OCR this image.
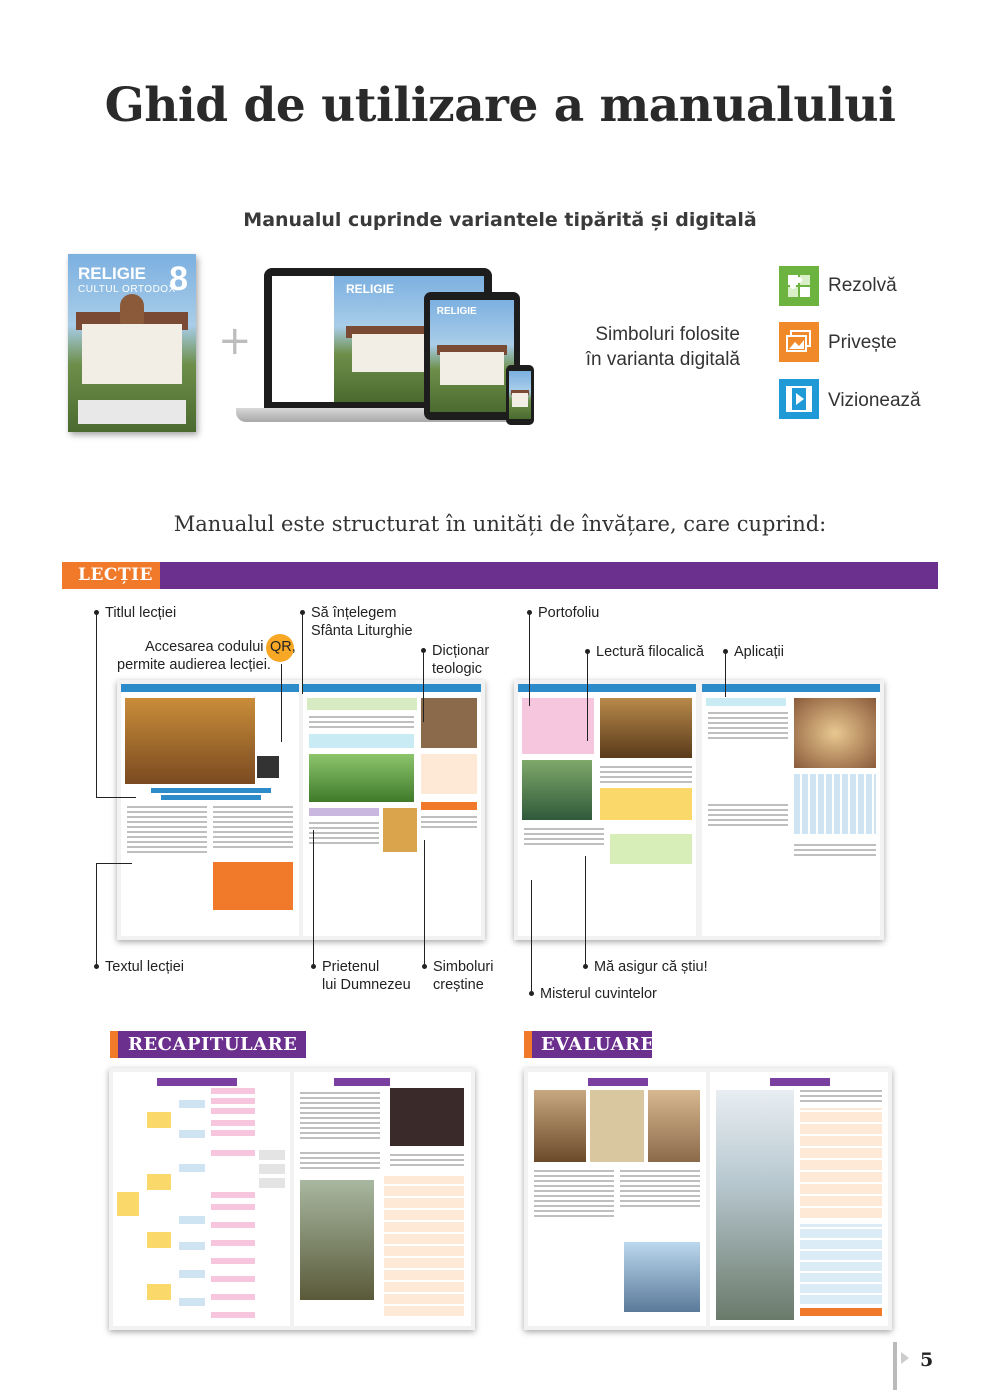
Ghid de utilizare a manualului
Manualul cuprinde variantele tipărită și digitală
RELIGIE
CULTUL ORTODOX
8
+
RELIGIE
RELIGIE
Simboluri folosite
în varianta digitală
Rezolvă
Privește
Vizionează
Manualul este structurat în unități de învățare, care cuprind:
LECȚIE
Titlul lecției
Accesarea codului QR,
permite audierea lecției.
Să înțelegem
Sfânta Liturghie
Dicționar
teologic
Textul lecției	Prietenul
lui Dumnezeu
Simboluri
creștine
Portofoliu
Lectură filocalică Aplicații
Mă asigur că știu!
Misterul cuvintelor
RECAPITULARE	EVALUARE
5
